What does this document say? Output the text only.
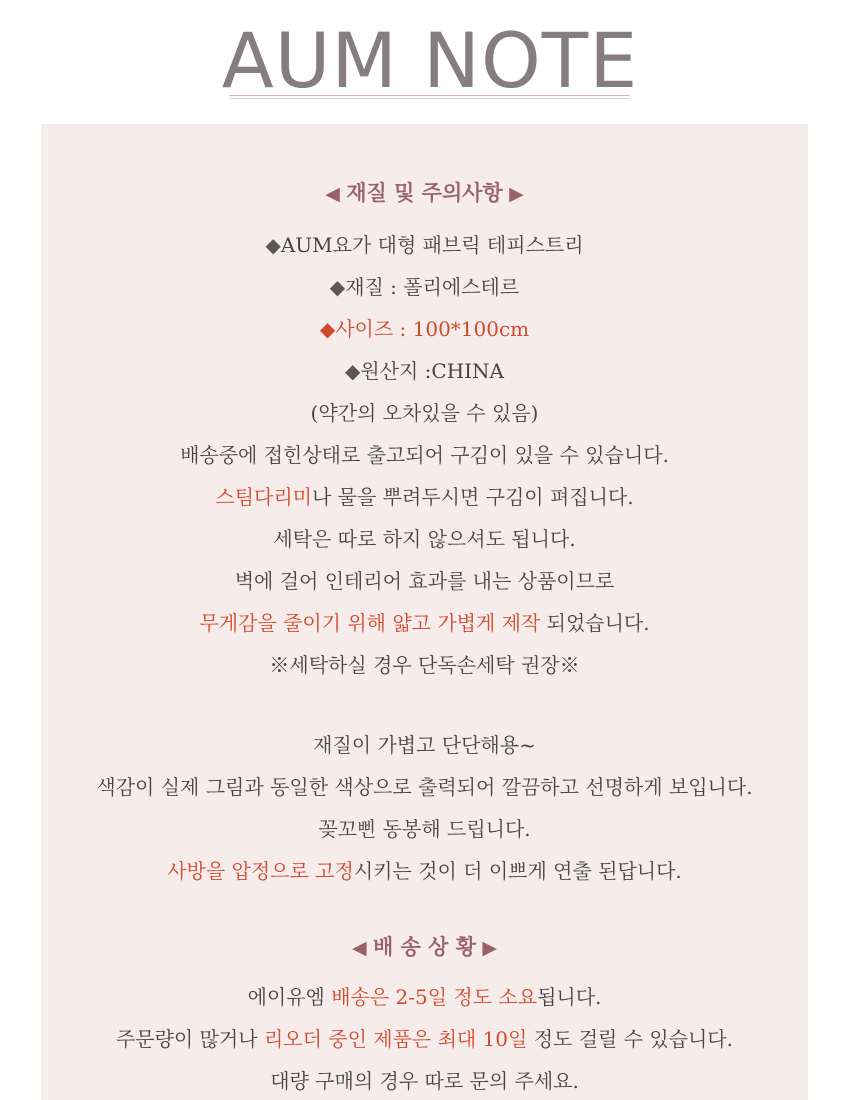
AUM NOTE
◀ 재질 및 주의사항 ▶
◆AUM요가 대형 패브릭 테피스트리
◆재질 : 폴리에스테르
◆사이즈 : 100*100cm
◆원산지 :CHINA
(약간의 오차있을 수 있음)
배송중에 접힌상태로 출고되어 구김이 있을 수 있습니다.
스팀다리미나 물을 뿌려두시면 구김이 펴집니다.
세탁은 따로 하지 않으셔도 됩니다.
벽에 걸어 인테리어 효과를 내는 상품이므로
무게감을 줄이기 위해 얇고 가볍게 제작 되었습니다.
※세탁하실 경우 단독손세탁 권장※
재질이 가볍고 단단해용~
색감이 실제 그림과 동일한 색상으로 출력되어 깔끔하고 선명하게 보입니다.
꽂꼬삔 동봉해 드립니다.
사방을 압정으로 고정시키는 것이 더 이쁘게 연출 된답니다.
◀ 배 송 상 황 ▶
에이유엠 배송은 2-5일 정도 소요됩니다.
주문량이 많거나 리오더 중인 제품은 최대 10일 정도 걸릴 수 있습니다.
대량 구매의 경우 따로 문의 주세요.
